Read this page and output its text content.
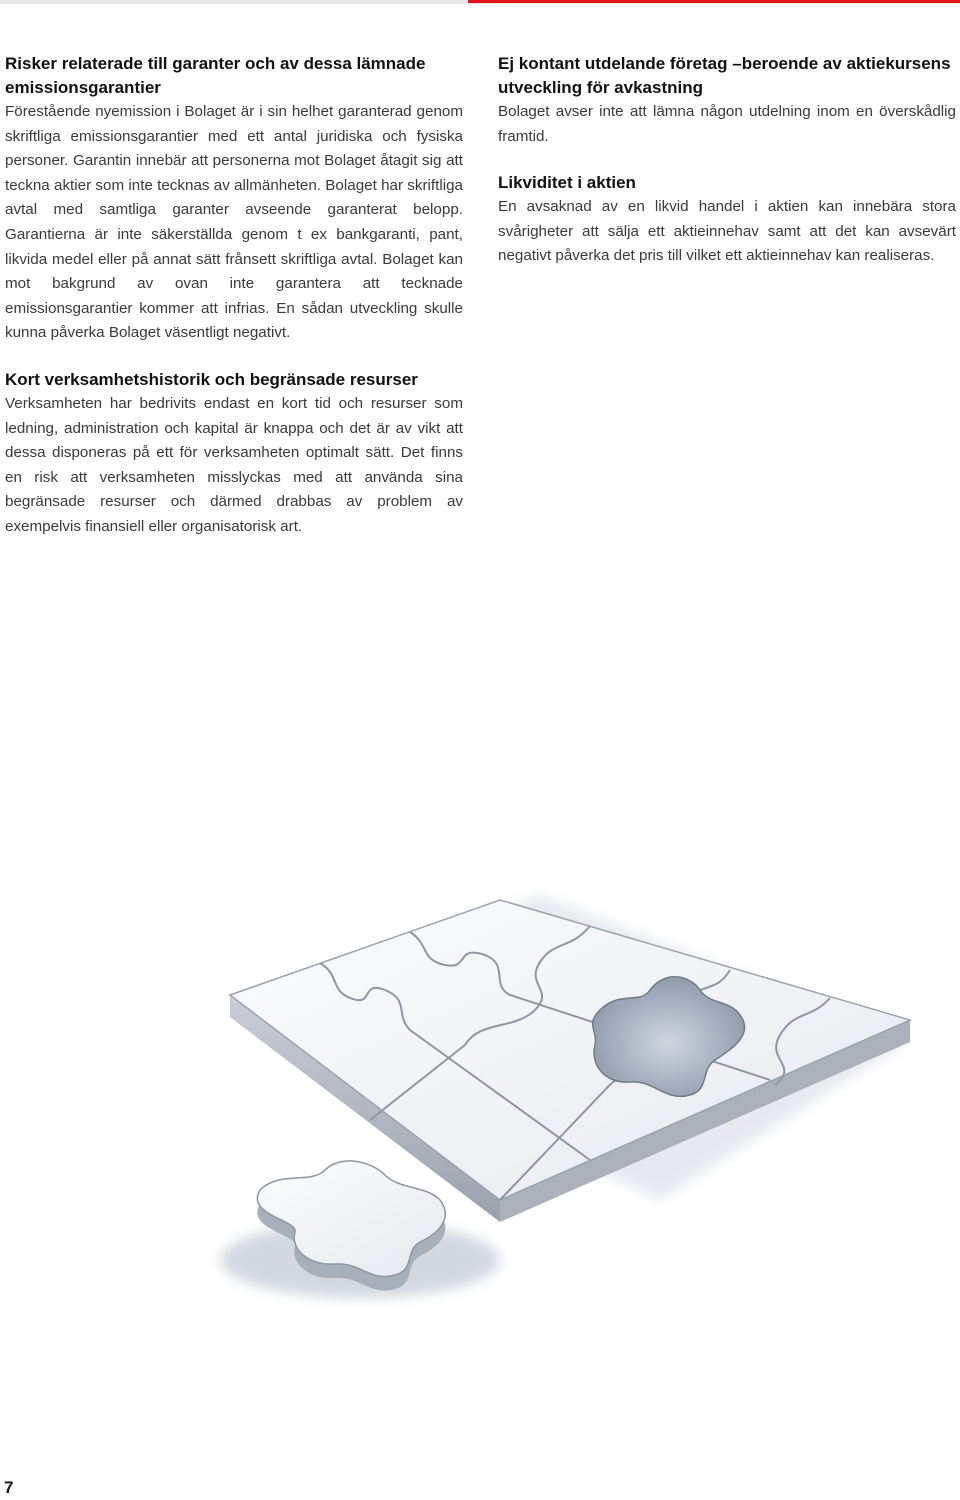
Risker relaterade till garanter och av dessa lämnade emissionsgarantier

Förestående nyemission i Bolaget är i sin helhet garanterad genom skriftliga emissionsgarantier med ett antal juridiska och fysiska personer. Garantin innebär att personerna mot Bolaget åtagit sig att teckna aktier som inte tecknas av allmänheten. Bolaget har skriftliga avtal med samtliga garanter avseende garanterat belopp. Garantierna är inte säkerställda genom t ex bankgaranti, pant, likvida medel eller på annat sätt frånsett skriftliga avtal. Bolaget kan mot bakgrund av ovan inte garantera att tecknade emissionsgarantier kommer att infrias. En sådan utveckling skulle kunna påverka Bolaget väsentligt negativt.

Kort verksamhetshistorik och begränsade resurser

Verksamheten har bedrivits endast en kort tid och resurser som ledning, administration och kapital är knappa och det är av vikt att dessa disponeras på ett för verksamheten optimalt sätt. Det finns en risk att verksamheten misslyckas med att använda sina begränsade resurser och därmed drabbas av problem av exempelvis finansiell eller organisatorisk art.

Ej kontant utdelande företag –beroende av aktiekursens utveckling för avkastning

Bolaget avser inte att lämna någon utdelning inom en överskådlig framtid.

Likviditet i aktien

En avsaknad av en likvid handel i aktien kan innebära stora svårigheter att sälja ett aktieinnehav samt att det kan avsevärt negativt påverka det pris till vilket ett aktieinnehav kan realiseras.

7
